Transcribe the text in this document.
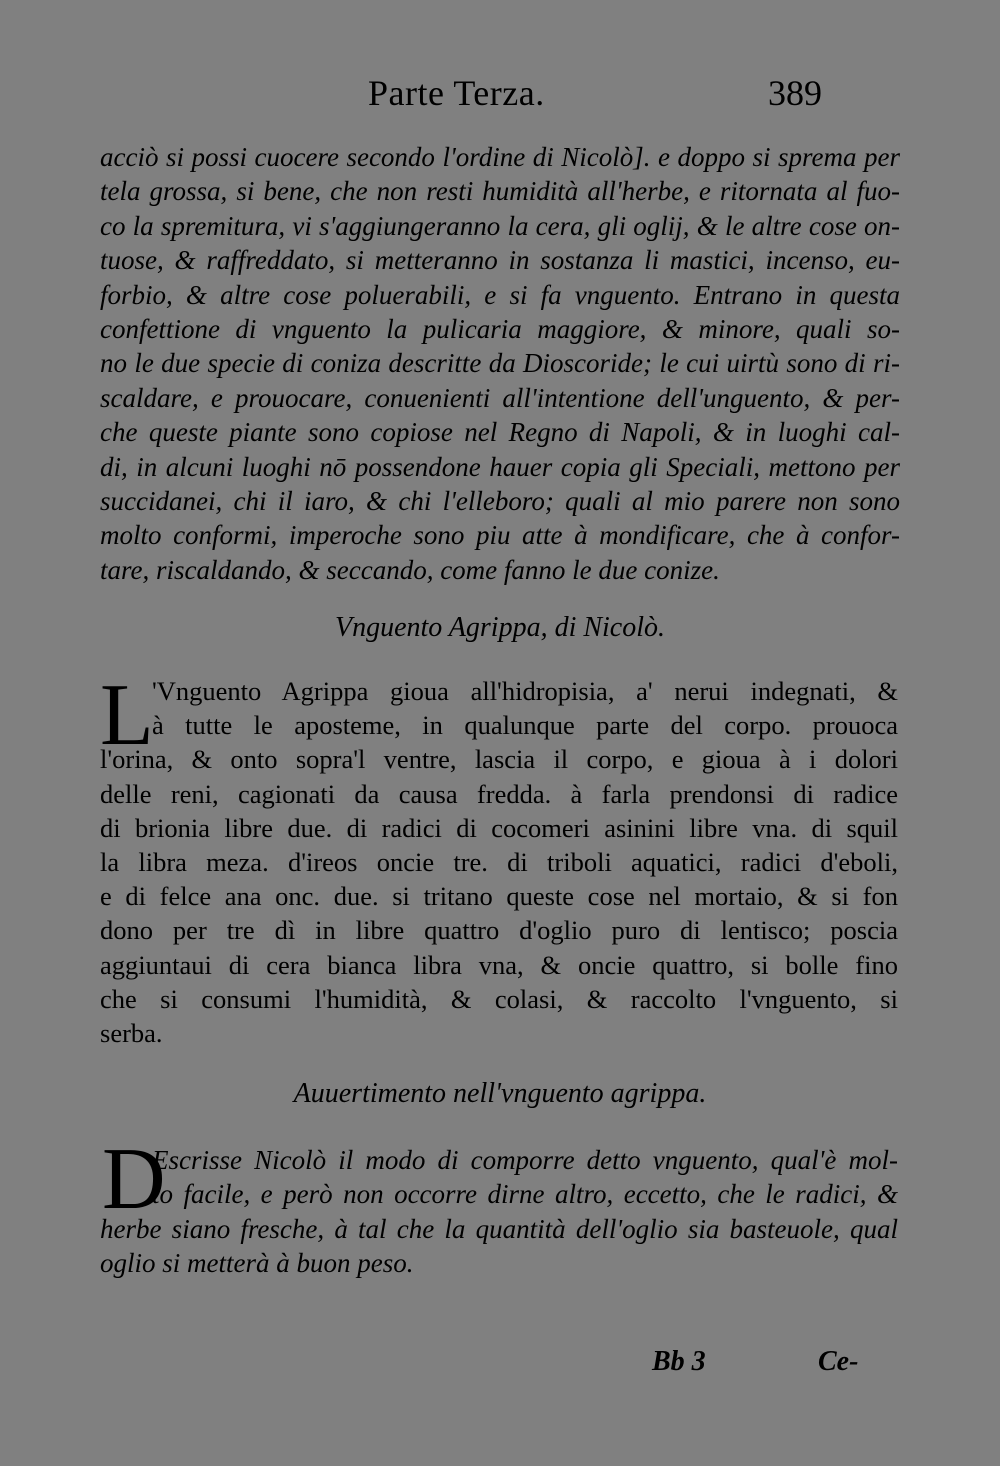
Parte Terza.	389
acciò si possi cuocere secondo l'ordine di Nicolò]. e doppo si sprema per
tela grossa, si bene, che non resti humidità all'herbe, e ritornata al fuo-
co la spremitura, vi s'aggiungeranno la cera, gli oglij, & le altre cose on-
tuose, & raffreddato, si metteranno in sostanza li mastici, incenso, eu-
forbio, & altre cose poluerabili, e si fa vnguento. Entrano in questa
confettione di vnguento la pulicaria maggiore, & minore, quali so-
no le due specie di coniza descritte da Dioscoride; le cui uirtù sono di ri-
scaldare, e prouocare, conuenienti all'intentione dell'unguento, & per-
che queste piante sono copiose nel Regno di Napoli, & in luoghi cal-
di, in alcuni luoghi nō possendone hauer copia gli Speciali, mettono per
succidanei, chi il iaro, & chi l'elleboro; quali al mio parere non sono
molto conformi, imperoche sono piu atte à mondificare, che à confor-
tare, riscaldando, & seccando, come fanno le due conize.
Vnguento Agrippa, di Nicolò.
L
'Vnguento Agrippa gioua all'hidropisia, a' nerui indegnati, &
à tutte le aposteme, in qualunque parte del corpo. prouoca
l'orina, & onto sopra'l ventre, lascia il corpo, e gioua à i dolori
delle reni, cagionati da causa fredda. à farla prendonsi di radice
di brionia libre due. di radici di cocomeri asinini libre vna. di squil
la libra meza. d'ireos oncie tre. di triboli aquatici, radici d'eboli,
e di felce ana onc. due. si tritano queste cose nel mortaio, & si fon
dono per tre dì in libre quattro d'oglio puro di lentisco; poscia
aggiuntaui di cera bianca libra vna, & oncie quattro, si bolle fino
che si consumi l'humidità, & colasi, & raccolto l'vnguento, si
serba.
Auuertimento nell'vnguento agrippa.
D
Escrisse Nicolò il modo di comporre detto vnguento, qual'è mol-
to facile, e però non occorre dirne altro, eccetto, che le radici, &
herbe siano fresche, à tal che la quantità dell'oglio sia basteuole, qual
oglio si metterà à buon peso.
Bb 3	Ce-
